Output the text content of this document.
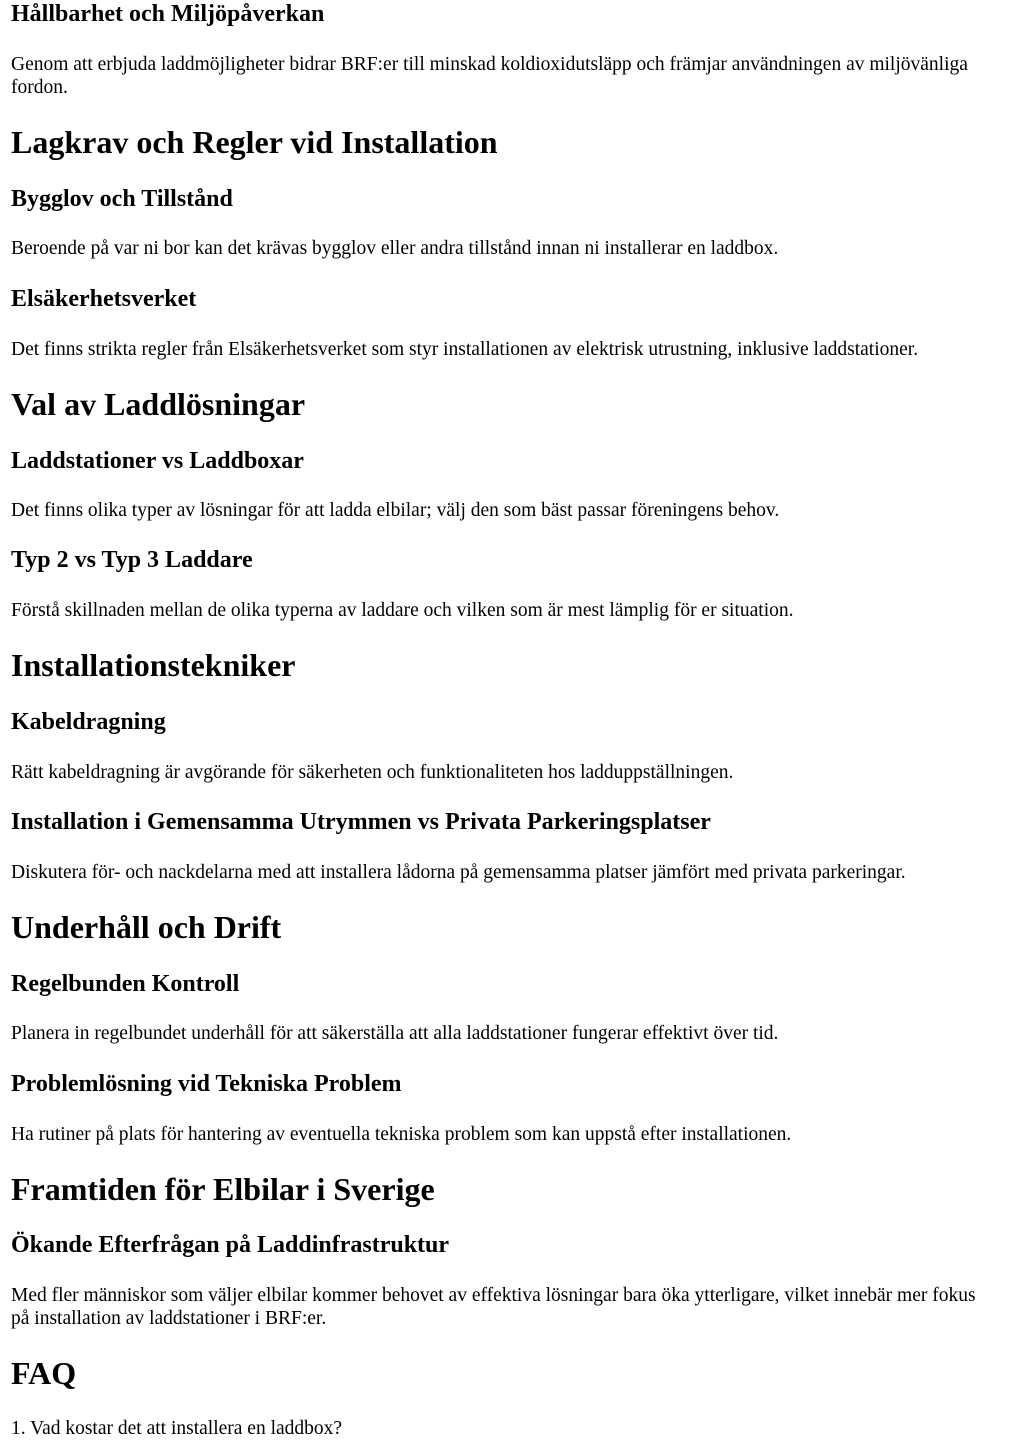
Hållbarhet och Miljöpåverkan

Genom att erbjuda laddmöjligheter bidrar BRF:er till minskad koldioxidutsläpp och främjar användningen av miljövänliga fordon.

Lagkrav och Regler vid Installation
Bygglov och Tillstånd

Beroende på var ni bor kan det krävas bygglov eller andra tillstånd innan ni installerar en laddbox.

Elsäkerhetsverket

Det finns strikta regler från Elsäkerhetsverket som styr installationen av elektrisk utrustning, inklusive laddstationer.

Val av Laddlösningar
Laddstationer vs Laddboxar

Det finns olika typer av lösningar för att ladda elbilar; välj den som bäst passar föreningens behov.

Typ 2 vs Typ 3 Laddare

Förstå skillnaden mellan de olika typerna av laddare och vilken som är mest lämplig för er situation.

Installationstekniker
Kabeldragning

Rätt kabeldragning är avgörande för säkerheten och funktionaliteten hos ladduppställningen.

Installation i Gemensamma Utrymmen vs Privata Parkeringsplatser

Diskutera för- och nackdelarna med att installera lådorna på gemensamma platser jämfört med privata parkeringar.

Underhåll och Drift
Regelbunden Kontroll

Planera in regelbundet underhåll för att säkerställa att alla laddstationer fungerar effektivt över tid.

Problemlösning vid Tekniska Problem

Ha rutiner på plats för hantering av eventuella tekniska problem som kan uppstå efter installationen.

Framtiden för Elbilar i Sverige
Ökande Efterfrågan på Laddinfrastruktur

Med fler människor som väljer elbilar kommer behovet av effektiva lösningar bara öka ytterligare, vilket innebär mer fokus på installation av laddstationer i BRF:er.

FAQ

1. Vad kostar det att installera en laddbox?
